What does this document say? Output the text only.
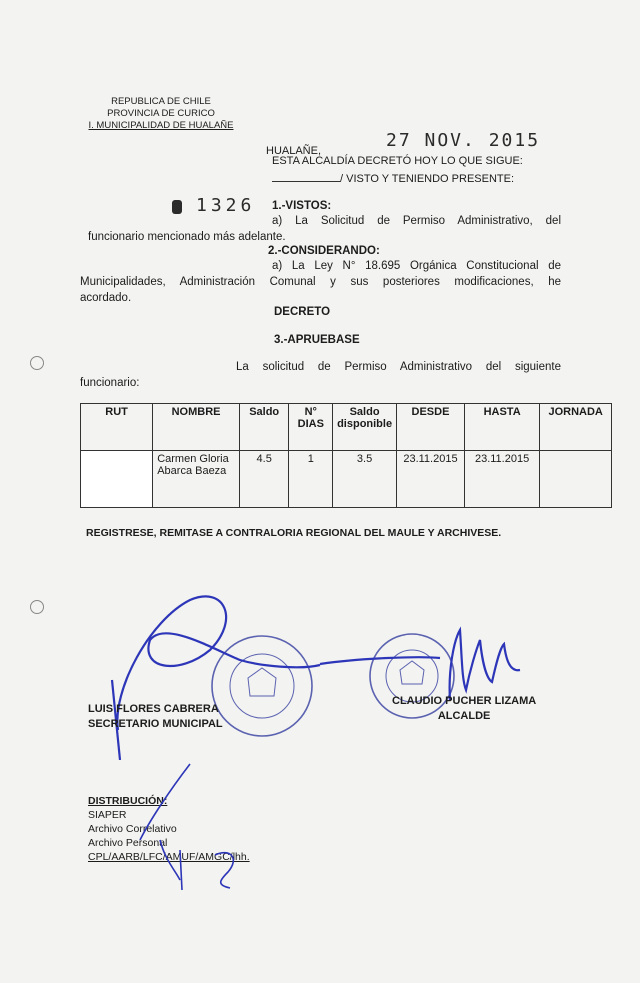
REPUBLICA DE CHILE
PROVINCIA DE CURICO
I. MUNICIPALIDAD DE HUALAÑE
HUALAÑE,	27 NOV. 2015
ESTA ALCALDÍA DECRETÓ HOY LO QUE SIGUE:
/ VISTO Y TENIENDO PRESENTE:
1326 1.-VISTOS:
a) La Solicitud de Permiso Administrativo, del
funcionario mencionado más adelante.
2.-CONSIDERANDO:
a) La Ley N° 18.695 Orgánica Constitucional de
Municipalidades, Administración Comunal y sus posteriores modificaciones, he
acordado.
DECRETO
3.-APRUEBASE
La solicitud de Permiso Administrativo del siguiente
funcionario:
RUT	NOMBRE	Saldo	N° DIAS	Saldo disponible	DESDE	HASTA	JORNADA
	Carmen Gloria Abarca Baeza	4.5	1	3.5	23.11.2015	23.11.2015	
REGISTRESE, REMITASE A CONTRALORIA REGIONAL DEL MAULE Y ARCHIVESE.
LUIS FLORES CABRERA
SECRETARIO MUNICIPAL
CLAUDIO PUCHER LIZAMA
ALCALDE
DISTRIBUCIÓN:
SIAPER
Archivo Correlativo
Archivo Personal
CPL/AARB/LFC/AMUF/AMGC/lhh.
